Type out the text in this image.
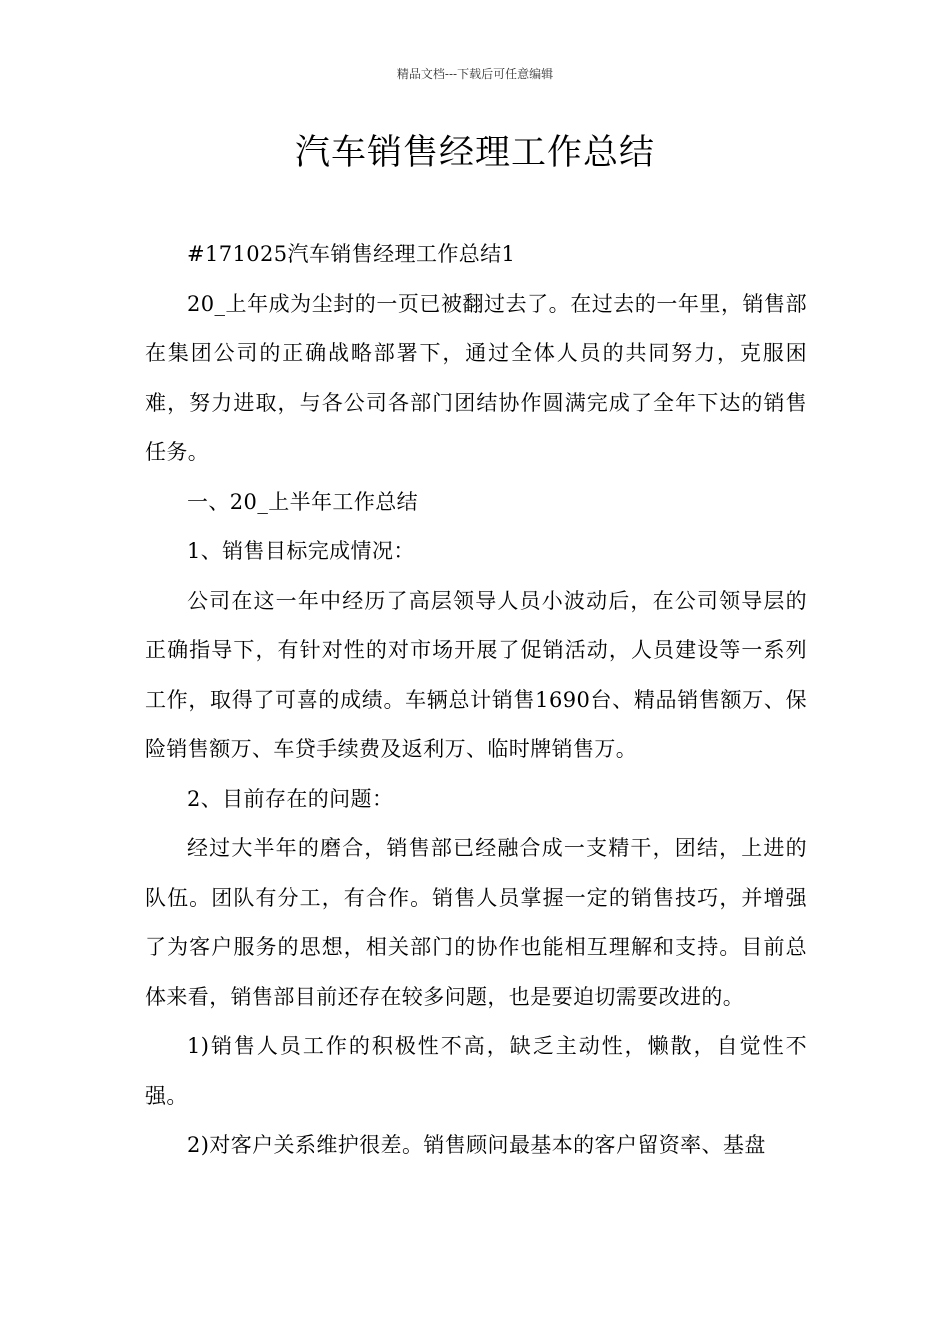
精品文档---下载后可任意编辑
汽车销售经理工作总结

#171025汽车销售经理工作总结1

20_上年成为尘封的一页已被翻过去了。在过去的一年里，销售部在集团公司的正确战略部署下，通过全体人员的共同努力，克服困难，努力进取，与各公司各部门团结协作圆满完成了全年下达的销售任务。

一、20_上半年工作总结

1、销售目标完成情况：

公司在这一年中经历了高层领导人员小波动后，在公司领导层的正确指导下，有针对性的对市场开展了促销活动，人员建设等一系列工作，取得了可喜的成绩。车辆总计销售1690台、精品销售额万、保险销售额万、车贷手续费及返利万、临时牌销售万。

2、目前存在的问题：

经过大半年的磨合，销售部已经融合成一支精干，团结，上进的队伍。团队有分工，有合作。销售人员掌握一定的销售技巧，并增强了为客户服务的思想，相关部门的协作也能相互理解和支持。目前总体来看，销售部目前还存在较多问题，也是要迫切需要改进的。

1)销售人员工作的积极性不高，缺乏主动性，懒散，自觉性不强。

2)对客户关系维护很差。销售顾问最基本的客户留资率、基盘
